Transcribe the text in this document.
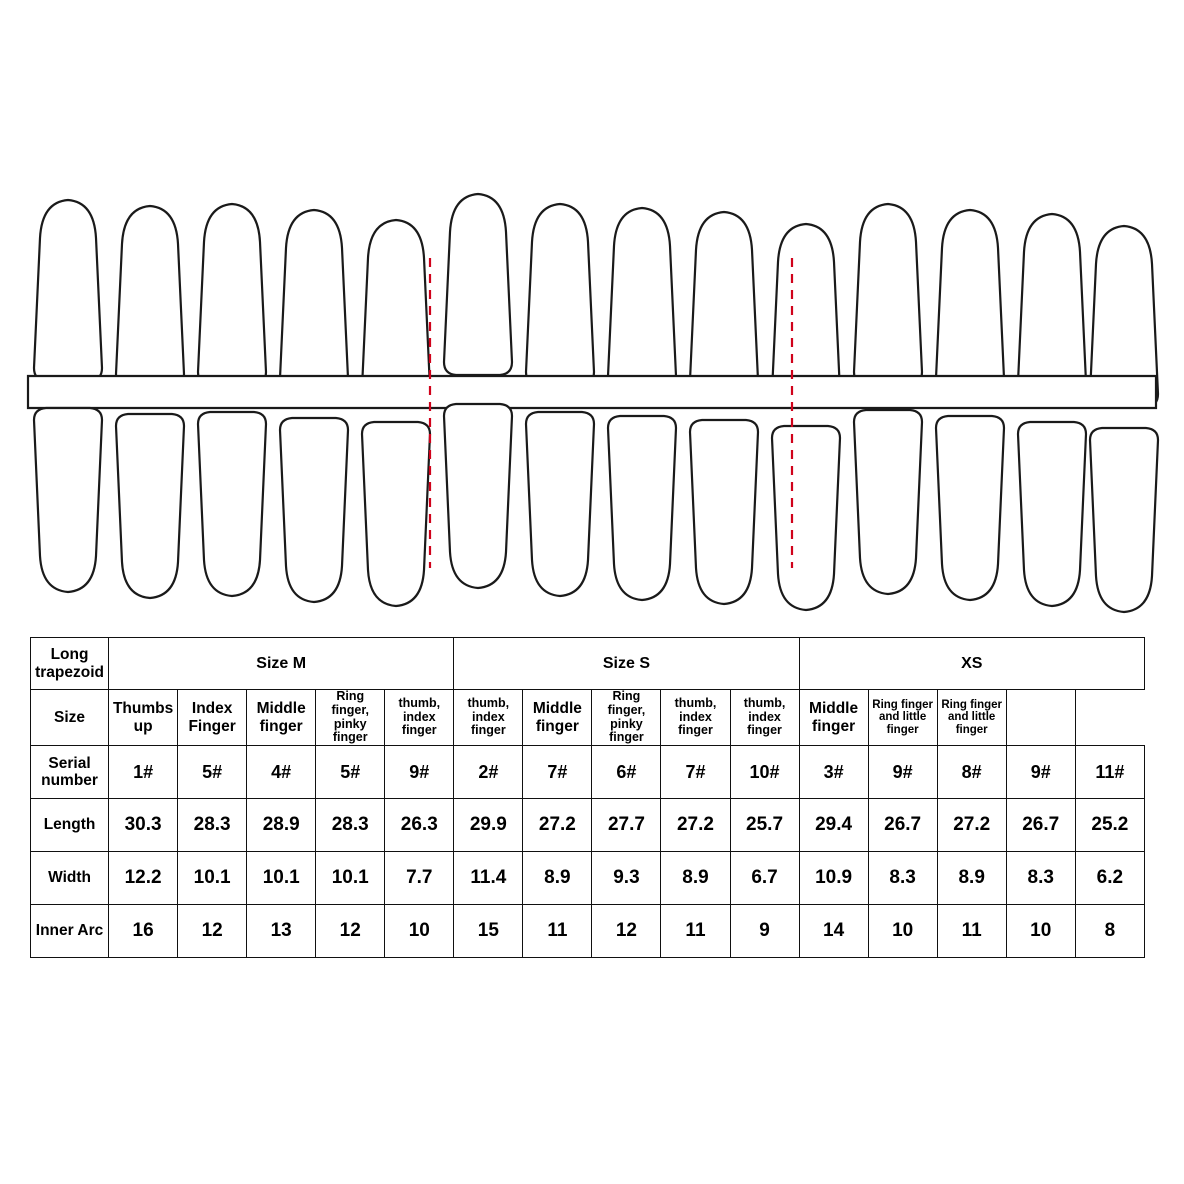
Long trapezoid	Size M					Size S					XS				
Size	Thumbs up	Index Finger	Middle finger	Ring finger, pinky finger	thumb, index finger	thumb, index finger	Middle finger	Ring finger, pinky finger	thumb, index finger	thumb, index finger	Middle finger	Ring finger and little finger	Ring finger and little finger		
Serial number	1#	5#	4#	5#	9#	2#	7#	6#	7#	10#	3#	9#	8#	9#	11#
Length	30.3	28.3	28.9	28.3	26.3	29.9	27.2	27.7	27.2	25.7	29.4	26.7	27.2	26.7	25.2
Width	12.2	10.1	10.1	10.1	7.7	11.4	8.9	9.3	8.9	6.7	10.9	8.3	8.9	8.3	6.2
Inner Arc	16	12	13	12	10	15	11	12	11	9	14	10	11	10	8
